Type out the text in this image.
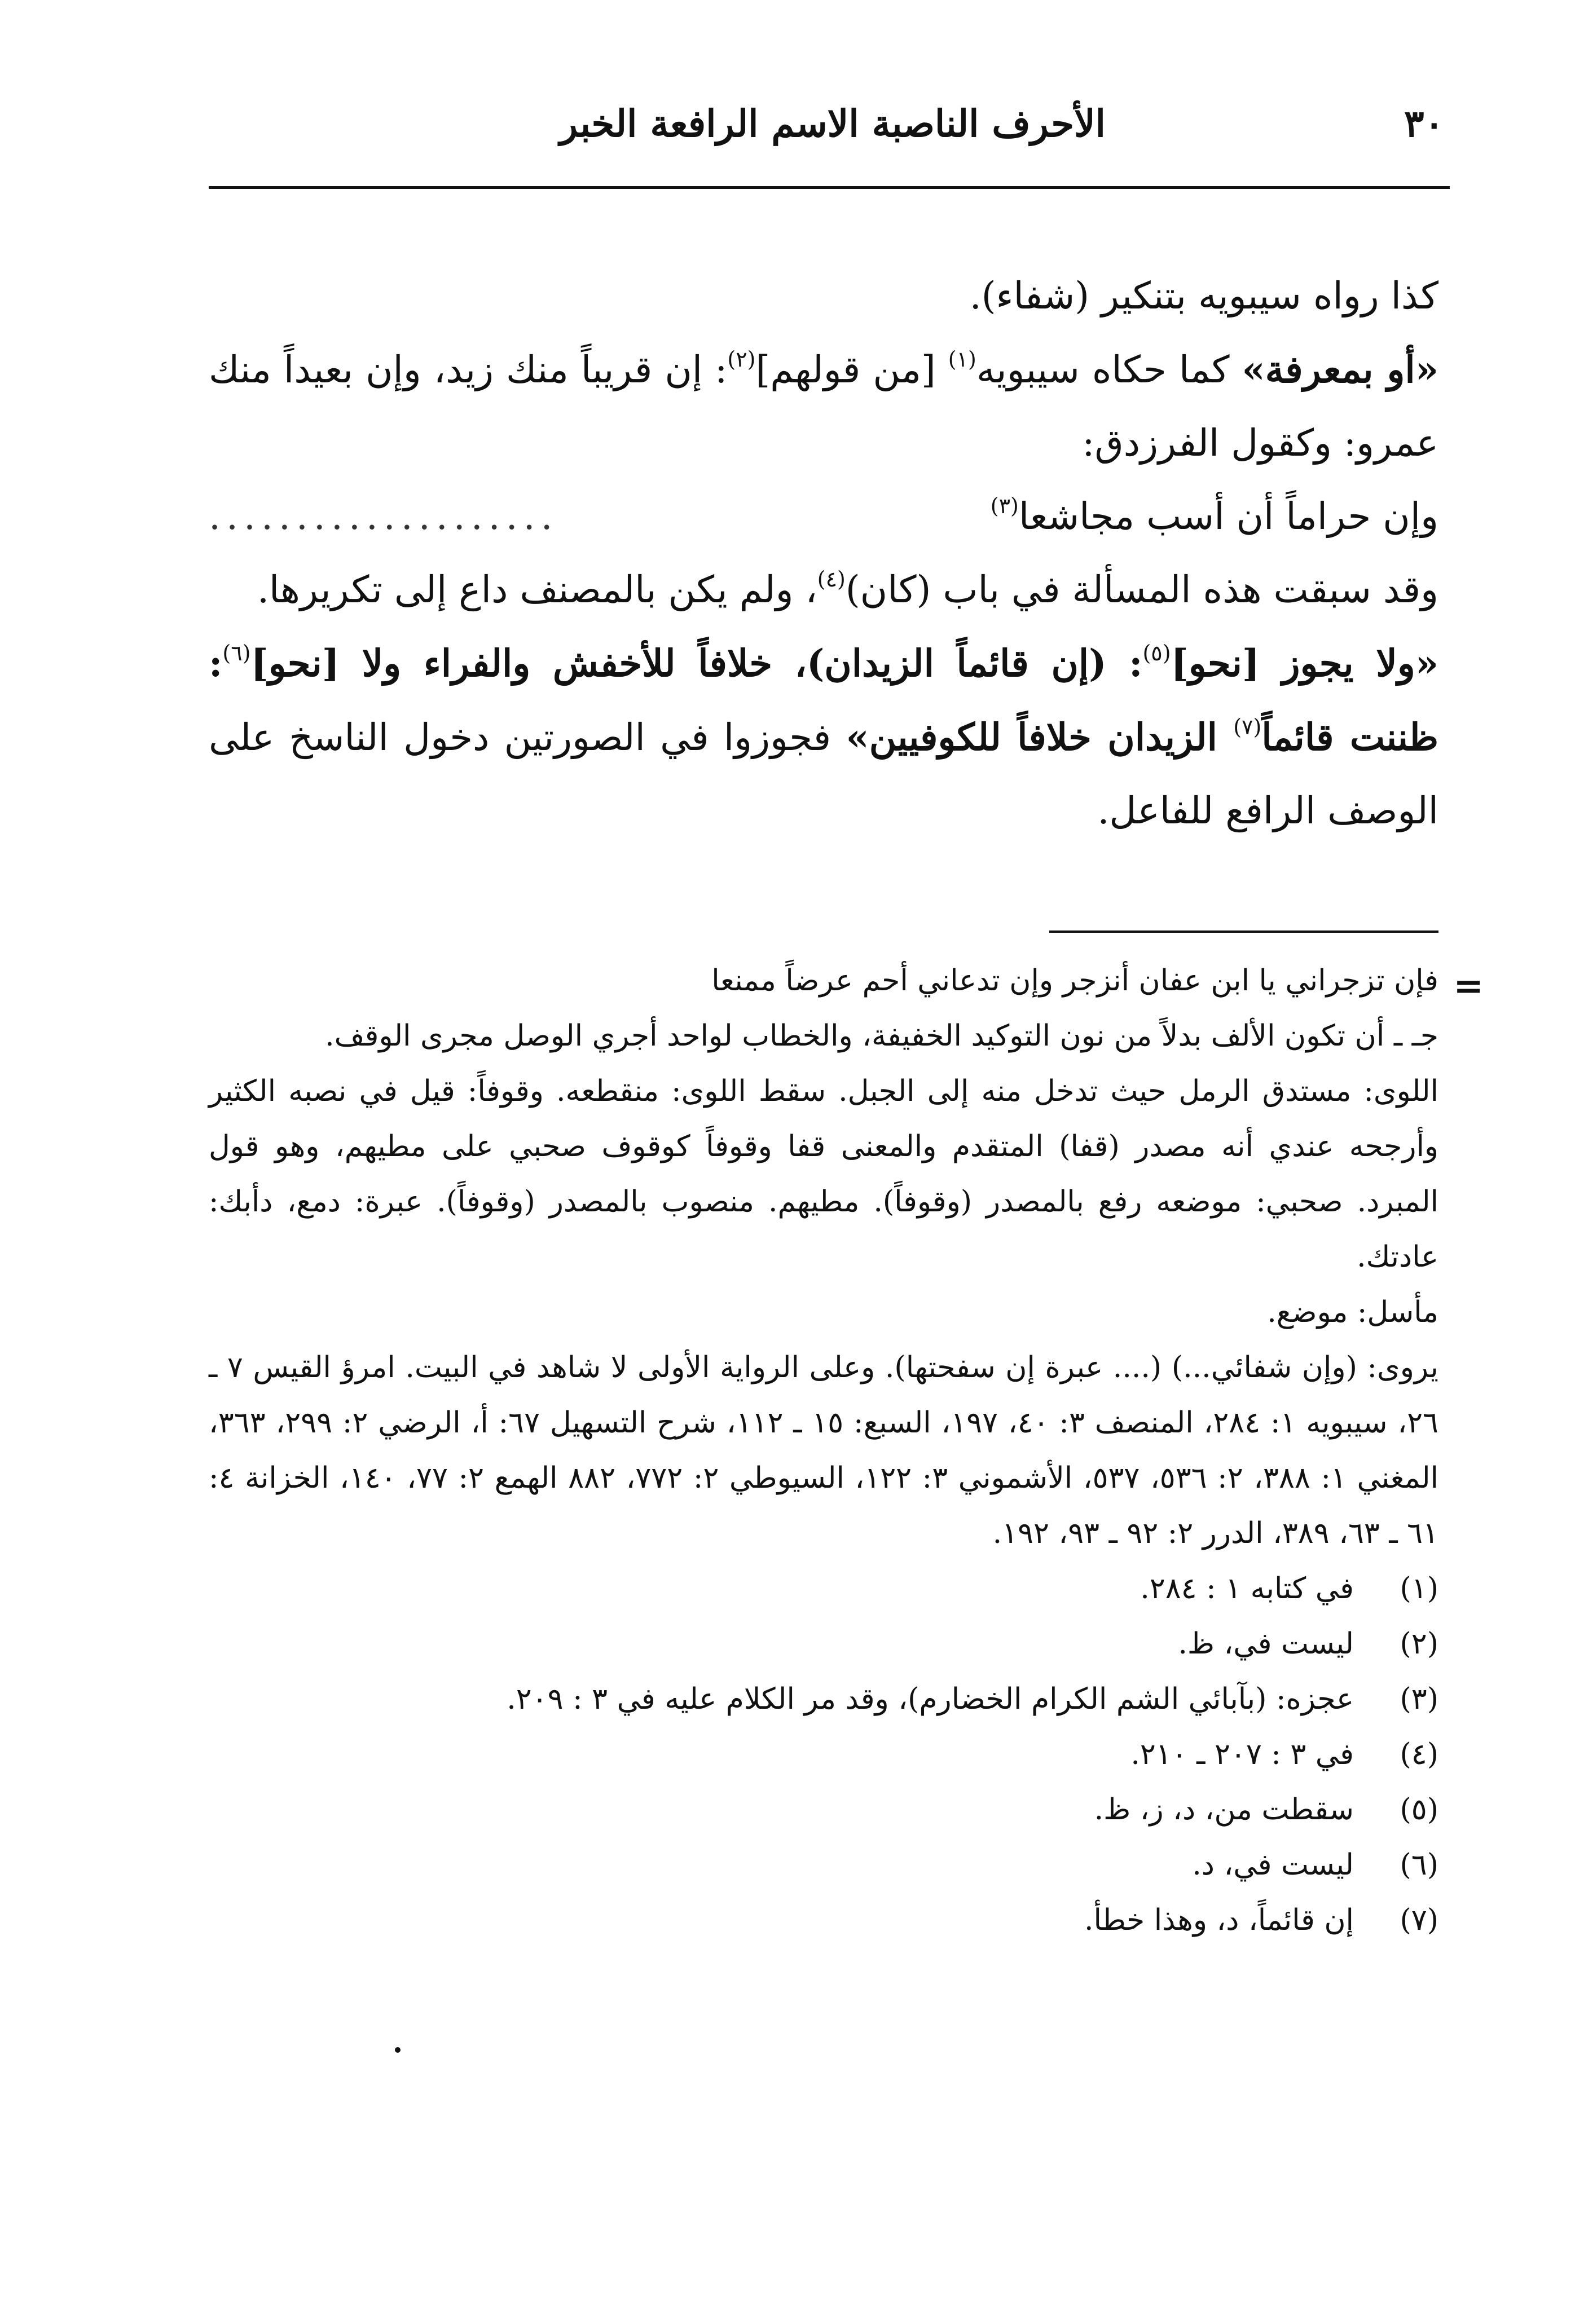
٣٠
الأحرف الناصبة الاسم الرافعة الخبر

كذا رواه سيبويه بتنكير (شفاء).

«أو بمعرفة» كما حكاه سيبويه$^{(١)}$ [من قولهم]$^{(٢)}$: إن قريباً منك زيد، وإن بعيداً منك عمرو: وكقول الفرزدق:

وإن حراماً أن أسب مجاشعا$^{(٣)}$
....................

وقد سبقت هذه المسألة في باب (كان)$^{(٤)}$، ولم يكن بالمصنف داع إلى تكريرها.

«ولا يجوز [نحو]$^{(٥)}$: (إن قائماً الزيدان)، خلافاً للأخفش والفراء ولا [نحو]$^{(٦)}$: ظننت قائماً$^{(٧)}$ الزيدان خلافاً للكوفيين» فجوزوا في الصورتين دخول الناسخ على الوصف الرافع للفاعل.

=

فإن تزجراني يا ابن عفان أنزجر وإن تدعاني أحم عرضاً ممنعا

جـ ـ أن تكون الألف بدلاً من نون التوكيد الخفيفة، والخطاب لواحد أجري الوصل مجرى الوقف.

اللوى: مستدق الرمل حيث تدخل منه إلى الجبل. سقط اللوى: منقطعه. وقوفاً: قيل في نصبه الكثير وأرجحه عندي أنه مصدر (قفا) المتقدم والمعنى قفا وقوفاً كوقوف صحبي على مطيهم، وهو قول المبرد. صحبي: موضعه رفع بالمصدر (وقوفاً). مطيهم. منصوب بالمصدر (وقوفاً). عبرة: دمع، دأبك: عادتك.

مأسل: موضع.

يروى: (وإن شفائي...) (.... عبرة إن سفحتها). وعلى الرواية الأولى لا شاهد في البيت. امرؤ القيس ٧ ـ ٢٦، سيبويه ١: ٢٨٤، المنصف ٣: ٤٠، ١٩٧، السبع: ١٥ ـ ١١٢، شرح التسهيل ٦٧: أ، الرضي ٢: ٢٩٩، ٣٦٣، المغني ١: ٣٨٨، ٢: ٥٣٦، ٥٣٧، الأشموني ٣: ١٢٢، السيوطي ٢: ٧٧٢، ٨٨٢ الهمع ٢: ٧٧، ١٤٠، الخزانة ٤: ٦١ ـ ٦٣، ٣٨٩، الدرر ٢: ٩٢ ـ ٩٣، ١٩٢.

(١)
في كتابه ١ : ٢٨٤.
(٢)
ليست في، ظ.
(٣)
عجزه: (بآبائي الشم الكرام الخضارم)، وقد مر الكلام عليه في ٣ : ٢٠٩.
(٤)
في ٣ : ٢٠٧ ـ ٢١٠.
(٥)
سقطت من، د، ز، ظ.
(٦)
ليست في، د.
(٧)
إن قائماً، د، وهذا خطأ.
